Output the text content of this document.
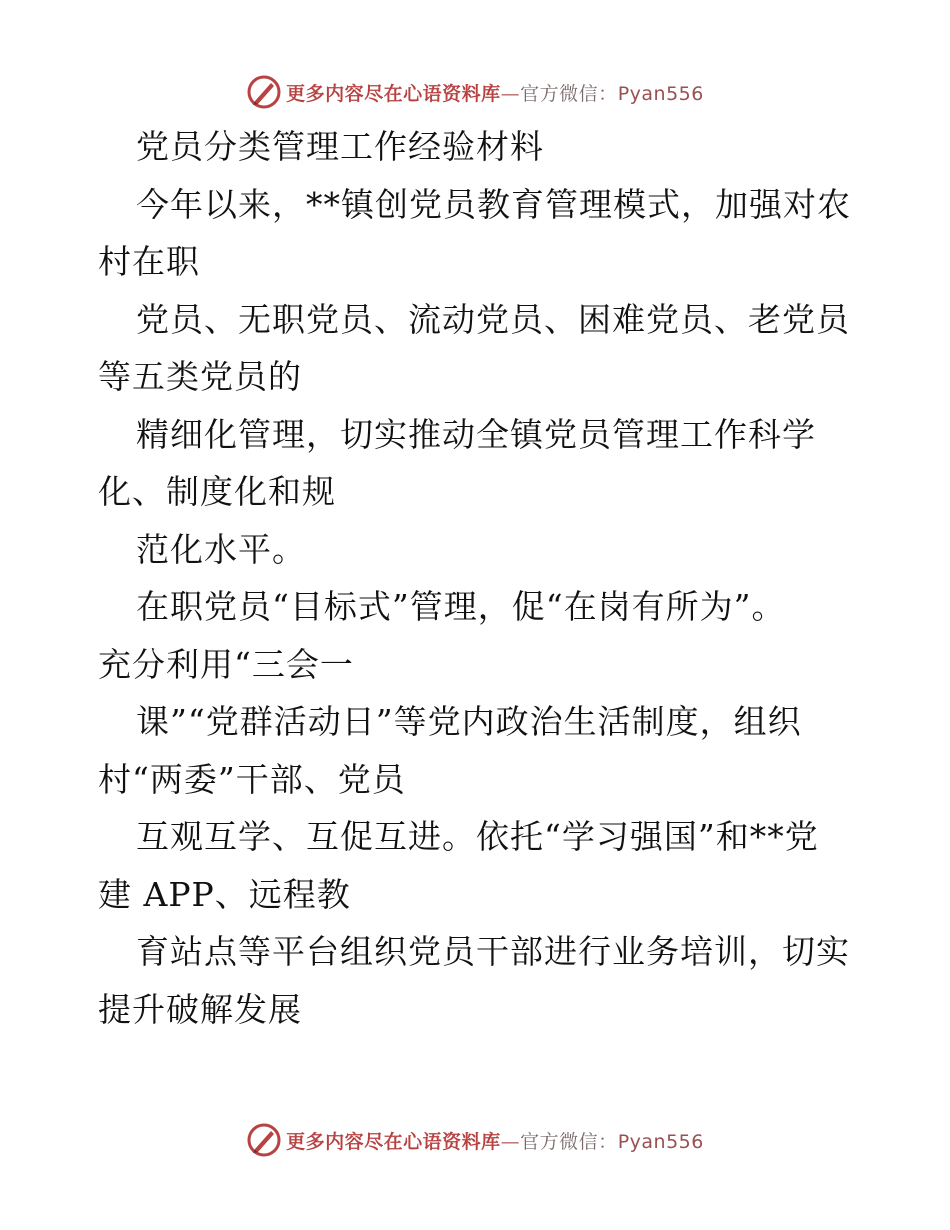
更多内容尽在心语资料库—官方微信：Pyan556
党员分类管理工作经验材料
今年以来，**镇创党员教育管理模式，加强对农
村在职
党员、无职党员、流动党员、困难党员、老党员
等五类党员的
精细化管理，切实推动全镇党员管理工作科学
化、制度化和规
范化水平。
在职党员“目标式”管理，促“在岗有所为”。
充分利用“三会一
课”“党群活动日”等党内政治生活制度，组织
村“两委”干部、党员
互观互学、互促互进。依托“学习强国”和**党
建 APP、远程教
育站点等平台组织党员干部进行业务培训，切实
提升破解发展
更多内容尽在心语资料库—官方微信：Pyan556
